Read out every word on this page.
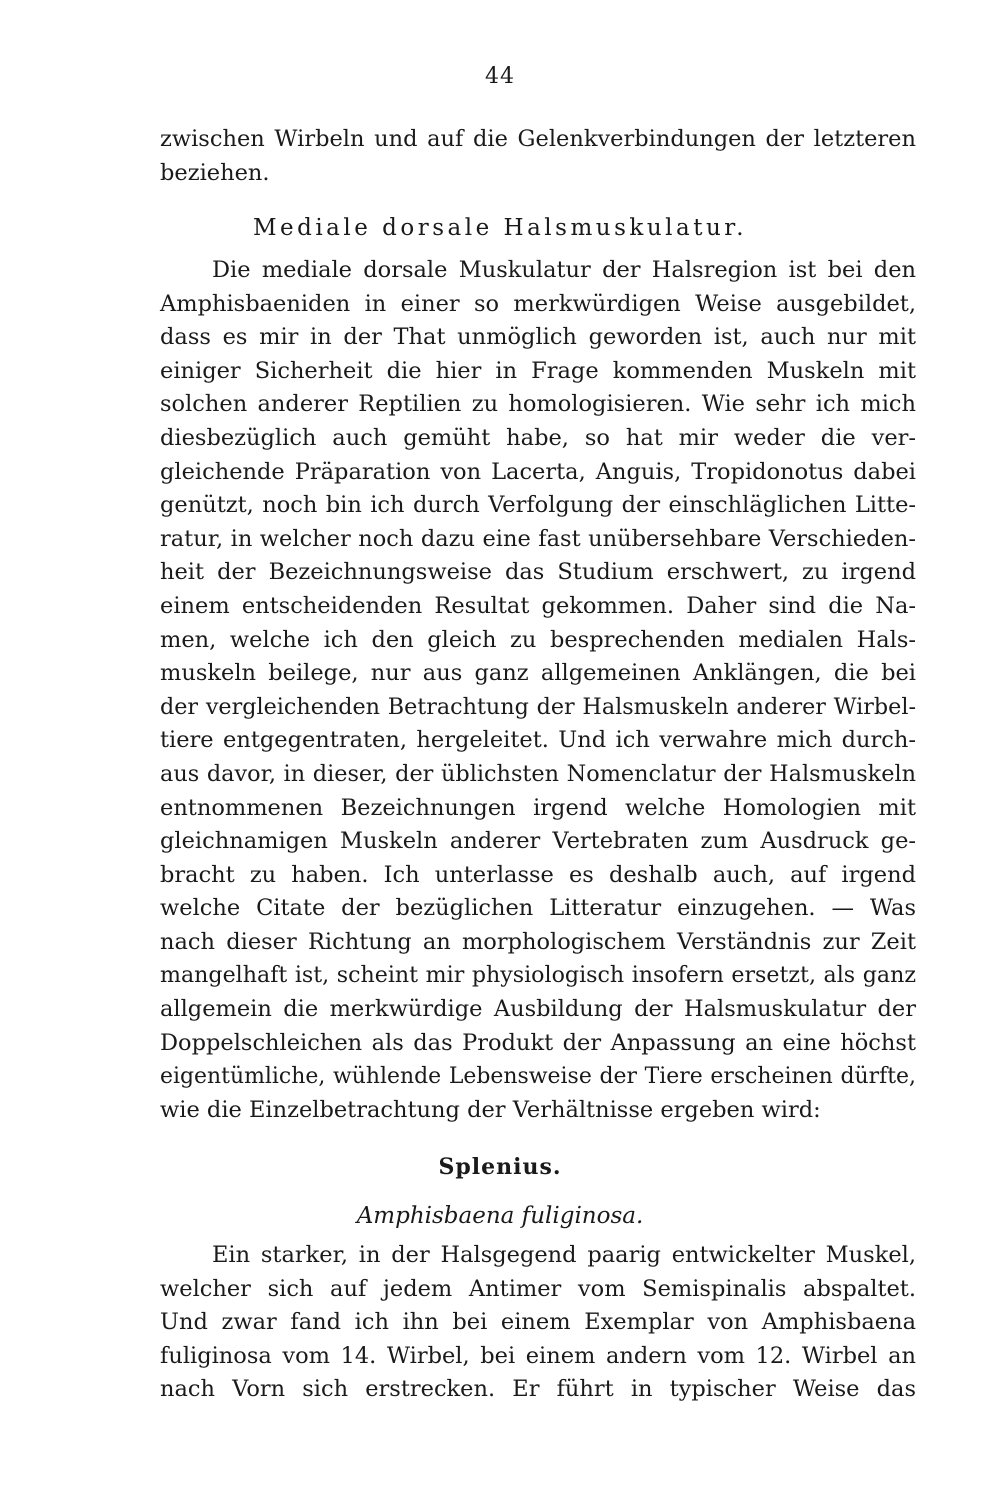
44
zwischen Wirbeln und auf die Gelenkverbindungen der letzteren
beziehen.
Mediale dorsale Halsmuskulatur.
Die mediale dorsale Muskulatur der Halsregion ist bei den
Amphisbaeniden in einer so merkwürdigen Weise ausgebildet,
dass es mir in der That unmöglich geworden ist, auch nur mit
einiger Sicherheit die hier in Frage kommenden Muskeln mit
solchen anderer Reptilien zu homologisieren. Wie sehr ich mich
diesbezüglich auch gemüht habe, so hat mir weder die ver-
gleichende Präparation von Lacerta, Anguis, Tropidonotus dabei
genützt, noch bin ich durch Verfolgung der einschläglichen Litte-
ratur, in welcher noch dazu eine fast unübersehbare Verschieden-
heit der Bezeichnungsweise das Studium erschwert, zu irgend
einem entscheidenden Resultat gekommen. Daher sind die Na-
men, welche ich den gleich zu besprechenden medialen Hals-
muskeln beilege, nur aus ganz allgemeinen Anklängen, die bei
der vergleichenden Betrachtung der Halsmuskeln anderer Wirbel-
tiere entgegentraten, hergeleitet. Und ich verwahre mich durch-
aus davor, in dieser, der üblichsten Nomenclatur der Halsmuskeln
entnommenen Bezeichnungen irgend welche Homologien mit
gleichnamigen Muskeln anderer Vertebraten zum Ausdruck ge-
bracht zu haben. Ich unterlasse es deshalb auch, auf irgend
welche Citate der bezüglichen Litteratur einzugehen. — Was
nach dieser Richtung an morphologischem Verständnis zur Zeit
mangelhaft ist, scheint mir physiologisch insofern ersetzt, als ganz
allgemein die merkwürdige Ausbildung der Halsmuskulatur der
Doppelschleichen als das Produkt der Anpassung an eine höchst
eigentümliche, wühlende Lebensweise der Tiere erscheinen dürfte,
wie die Einzelbetrachtung der Verhältnisse ergeben wird:
Splenius.
Amphisbaena fuliginosa.
Ein starker, in der Halsgegend paarig entwickelter Muskel,
welcher sich auf jedem Antimer vom Semispinalis abspaltet.
Und zwar fand ich ihn bei einem Exemplar von Amphisbaena
fuliginosa vom 14. Wirbel, bei einem andern vom 12. Wirbel an
nach Vorn sich erstrecken. Er führt in typischer Weise das
